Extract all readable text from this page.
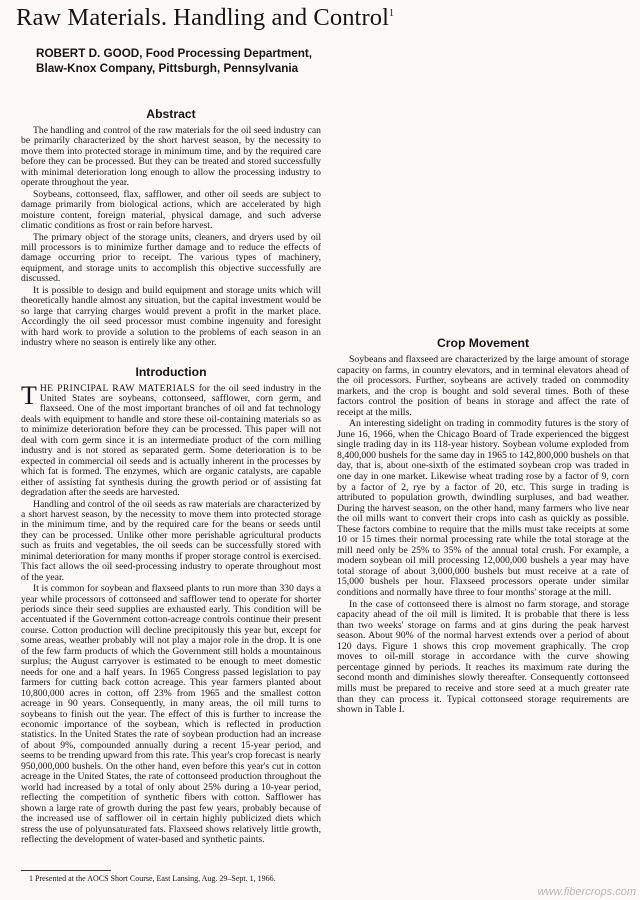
Raw Materials. Handling and Control$^1$
ROBERT D. GOOD, Food Processing Department,
Blaw-Knox Company, Pittsburgh, Pennsylvania
Abstract

The handling and control of the raw materials for the oil seed industry can be primarily characterized by the short harvest season, by the necessity to move them into protected storage in minimum time, and by the required care before they can be processed. But they can be treated and stored successfully with minimal deterioration long enough to allow the processing industry to operate throughout the year.

Soybeans, cottonseed, flax, safflower, and other oil seeds are subject to damage primarily from biological actions, which are accelerated by high moisture content, foreign material, physical damage, and such adverse climatic conditions as frost or rain before harvest.

The primary object of the storage units, cleaners, and dryers used by oil mill processors is to minimize further damage and to reduce the effects of damage occurring prior to receipt. The various types of machinery, equipment, and storage units to accomplish this objective successfully are discussed.

It is possible to design and build equipment and storage units which will theoretically handle almost any situation, but the capital investment would be so large that carrying charges would prevent a profit in the market place. Accordingly the oil seed processor must combine ingenuity and foresight with hard work to provide a solution to the problems of each season in an industry where no season is entirely like any other.

Introduction

THE PRINCIPAL RAW MATERIALS for the oil seed industry in the United States are soybeans, cottonseed, safflower, corn germ, and flaxseed. One of the most important branches of oil and fat technology deals with equipment to handle and store these oil-containing materials so as to minimize deterioration before they can be processed. This paper will not deal with corn germ since it is an intermediate product of the corn milling industry and is not stored as separated germ. Some deterioration is to be expected in commercial oil seeds and is actually inherent in the processes by which fat is formed. The enzymes, which are organic catalysts, are capable either of assisting fat synthesis during the growth period or of assisting fat degradation after the seeds are harvested.

Handling and control of the oil seeds as raw materials are characterized by a short harvest season, by the necessity to move them into protected storage in the minimum time, and by the required care for the beans or seeds until they can be processed. Unlike other more perishable agricultural products such as fruits and vegetables, the oil seeds can be successfully stored with minimal deterioration for many months if proper storage control is exercised. This fact allows the oil seed-processing industry to operate throughout most of the year.

It is common for soybean and flaxseed plants to run more than 330 days a year while processors of cottonseed and safflower tend to operate for shorter periods since their seed supplies are exhausted early. This condition will be accentuated if the Government cotton-acreage controls continue their present course. Cotton production will decline precipitously this year but, except for some areas, weather probably will not play a major role in the drop. It is one of the few farm products of which the Government still holds a mountainous surplus; the August carryover is estimated to be enough to meet domestic needs for one and a half years. In 1965 Congress passed legislation to pay farmers for cutting back cotton acreage. This year farmers planted about 10,800,000 acres in cotton, off 23% from 1965 and the smallest cotton acreage in 90 years. Consequently, in many areas, the oil mill turns to soybeans to finish out the year. The effect of this is further to increase the economic importance of the soybean, which is reflected in production statistics. In the United States the rate of soybean production had an increase of about 9%, compounded annually during a recent 15-year period, and seems to be trending upward from this rate. This year's crop forecast is nearly 950,000,000 bushels. On the other hand, even before this year's cut in cotton acreage in the United States, the rate of cottonseed production throughout the world had increased by a total of only about 25% during a 10-year period, reflecting the competition of synthetic fibers with cotton. Safflower has shown a large rate of growth during the past few years, probably because of the increased use of safflower oil in certain highly publicized diets which stress the use of polyunsaturated fats. Flaxseed shows relatively little growth, reflecting the development of water-based and synthetic paints.

Crop Movement

Soybeans and flaxseed are characterized by the large amount of storage capacity on farms, in country elevators, and in terminal elevators ahead of the oil processors. Further, soybeans are actively traded on commodity markets, and the crop is bought and sold several times. Both of these factors control the position of beans in storage and affect the rate of receipt at the mills.

An interesting sidelight on trading in commodity futures is the story of June 16, 1966, when the Chicago Board of Trade experienced the biggest single trading day in its 118-year history. Soybean volume exploded from 8,400,000 bushels for the same day in 1965 to 142,800,000 bushels on that day, that is, about one-sixth of the estimated soybean crop was traded in one day in one market. Likewise wheat trading rose by a factor of 9, corn by a factor of 2, rye by a factor of 20, etc. This surge in trading is attributed to population growth, dwindling surpluses, and bad weather. During the harvest season, on the other hand, many farmers who live near the oil mills want to convert their crops into cash as quickly as possible. These factors combine to require that the mills must take receipts at some 10 or 15 times their normal processing rate while the total storage at the mill need only be 25% to 35% of the annual total crush. For example, a modern soybean oil mill processing 12,000,000 bushels a year may have total storage of about 3,000,000 bushels but must receive at a rate of 15,000 bushels per hour. Flaxseed processors operate under similar conditions and normally have three to four months' storage at the mill.

In the case of cottonseed there is almost no farm storage, and storage capacity ahead of the oil mill is limited. It is probable that there is less than two weeks' storage on farms and at gins during the peak harvest season. About 90% of the normal harvest extends over a period of about 120 days. Figure 1 shows this crop movement graphically. The crop moves to oil-mill storage in accordance with the curve showing percentage ginned by periods. It reaches its maximum rate during the second month and diminishes slowly thereafter. Consequently cottonseed mills must be prepared to receive and store seed at a much greater rate than they can process it. Typical cottonseed storage requirements are shown in Table I.

1 Presented at the AOCS Short Course, East Lansing, Aug. 29–Sept. 1, 1966.
www.fibercrops.com
